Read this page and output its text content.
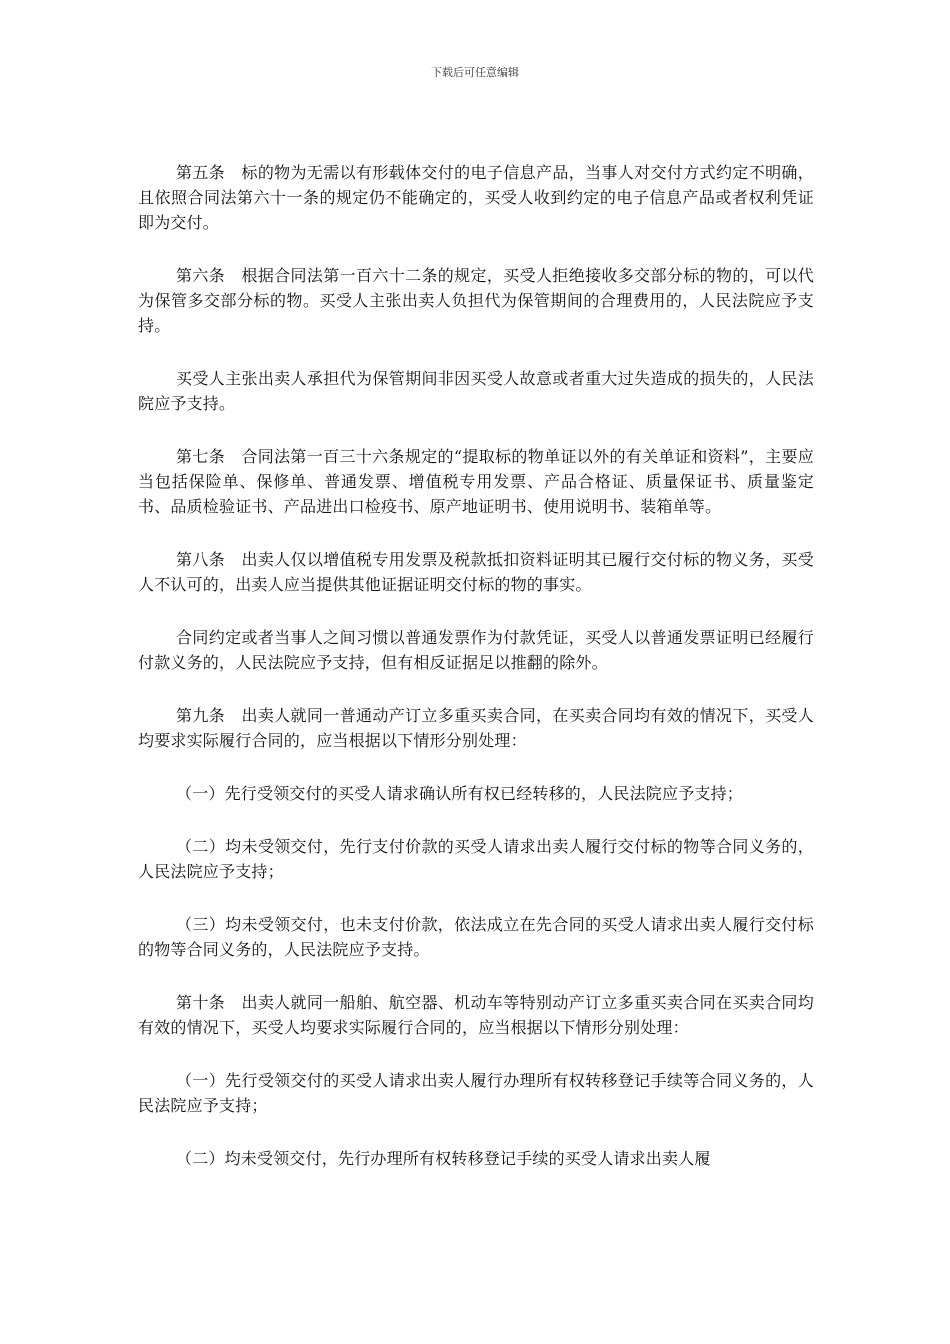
下载后可任意编辑

第五条　标的物为无需以有形载体交付的电子信息产品，当事人对交付方式约定不明确，且依照合同法第六十一条的规定仍不能确定的，买受人收到约定的电子信息产品或者权利凭证即为交付。

第六条　根据合同法第一百六十二条的规定，买受人拒绝接收多交部分标的物的，可以代为保管多交部分标的物。买受人主张出卖人负担代为保管期间的合理费用的，人民法院应予支持。

买受人主张出卖人承担代为保管期间非因买受人故意或者重大过失造成的损失的，人民法院应予支持。

第七条　合同法第一百三十六条规定的“提取标的物单证以外的有关单证和资料”，主要应当包括保险单、保修单、普通发票、增值税专用发票、产品合格证、质量保证书、质量鉴定书、品质检验证书、产品进出口检疫书、原产地证明书、使用说明书、装箱单等。

第八条　出卖人仅以增值税专用发票及税款抵扣资料证明其已履行交付标的物义务，买受人不认可的，出卖人应当提供其他证据证明交付标的物的事实。

合同约定或者当事人之间习惯以普通发票作为付款凭证，买受人以普通发票证明已经履行付款义务的，人民法院应予支持，但有相反证据足以推翻的除外。

第九条　出卖人就同一普通动产订立多重买卖合同，在买卖合同均有效的情况下，买受人均要求实际履行合同的，应当根据以下情形分别处理：

（一）先行受领交付的买受人请求确认所有权已经转移的，人民法院应予支持；

（二）均未受领交付，先行支付价款的买受人请求出卖人履行交付标的物等合同义务的，人民法院应予支持；

（三）均未受领交付，也未支付价款，依法成立在先合同的买受人请求出卖人履行交付标的物等合同义务的，人民法院应予支持。

第十条　出卖人就同一船舶、航空器、机动车等特别动产订立多重买卖合同在买卖合同均有效的情况下，买受人均要求实际履行合同的，应当根据以下情形分别处理：

（一）先行受领交付的买受人请求出卖人履行办理所有权转移登记手续等合同义务的，人民法院应予支持；

（二）均未受领交付，先行办理所有权转移登记手续的买受人请求出卖人履
